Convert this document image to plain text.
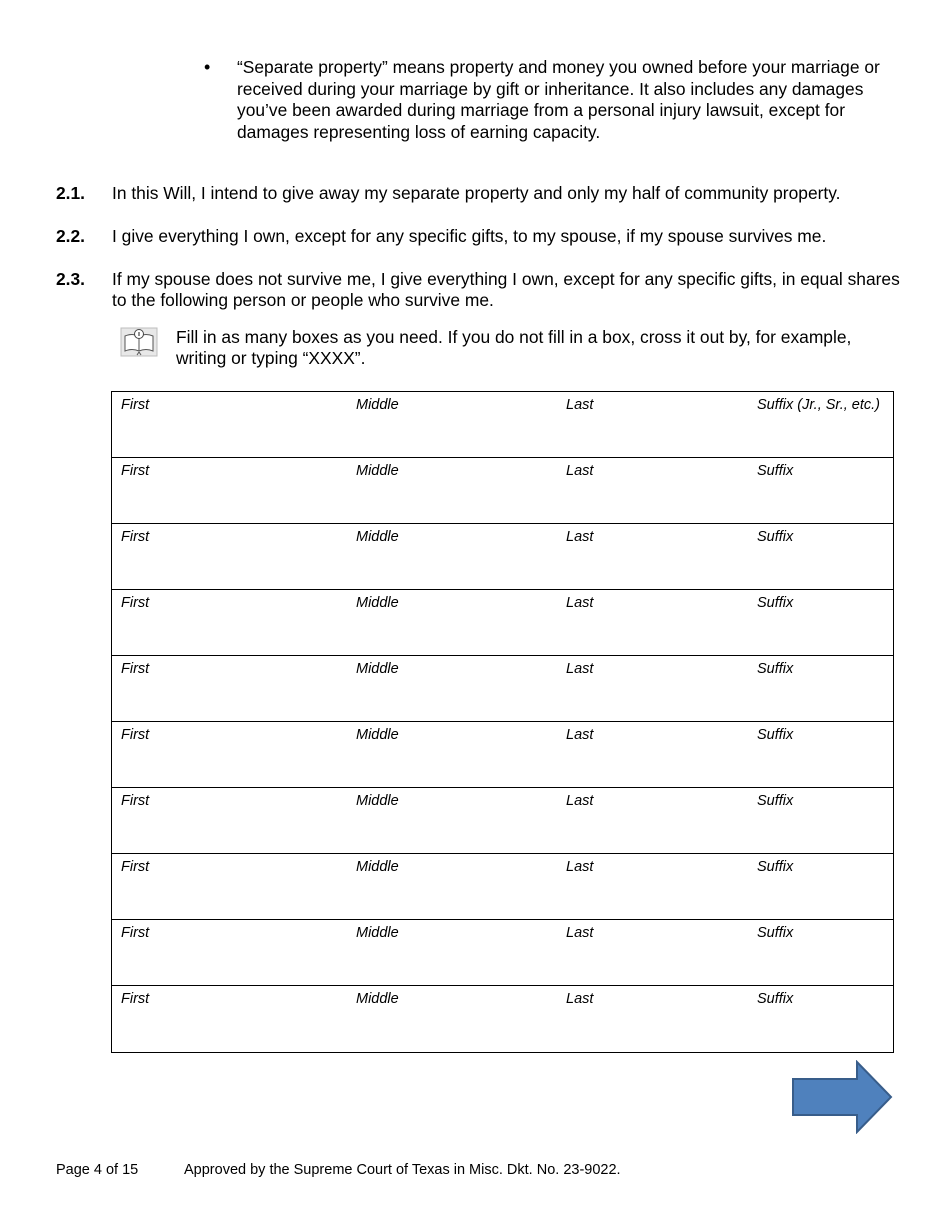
• “Separate property” means property and money you owned before your marriage or received during your marriage by gift or inheritance. It also includes any damages you’ve been awarded during marriage from a personal injury lawsuit, except for damages representing loss of earning capacity.
2.1. In this Will, I intend to give away my separate property and only my half of community property.
2.2. I give everything I own, except for any specific gifts, to my spouse, if my spouse survives me.
2.3. If my spouse does not survive me, I give everything I own, except for any specific gifts, in equal shares to the following person or people who survive me.
Fill in as many boxes as you need. If you do not fill in a box, cross it out by, for example, writing or typing “XXXX”.
First	Middle	Last	Suffix (Jr., Sr., etc.)
First	Middle	Last	Suffix
First	Middle	Last	Suffix
First	Middle	Last	Suffix
First	Middle	Last	Suffix
First	Middle	Last	Suffix
First	Middle	Last	Suffix
First	Middle	Last	Suffix
First	Middle	Last	Suffix
First	Middle	Last	Suffix
Page 4 of 15	Approved by the Supreme Court of Texas in Misc. Dkt. No. 23-9022.
